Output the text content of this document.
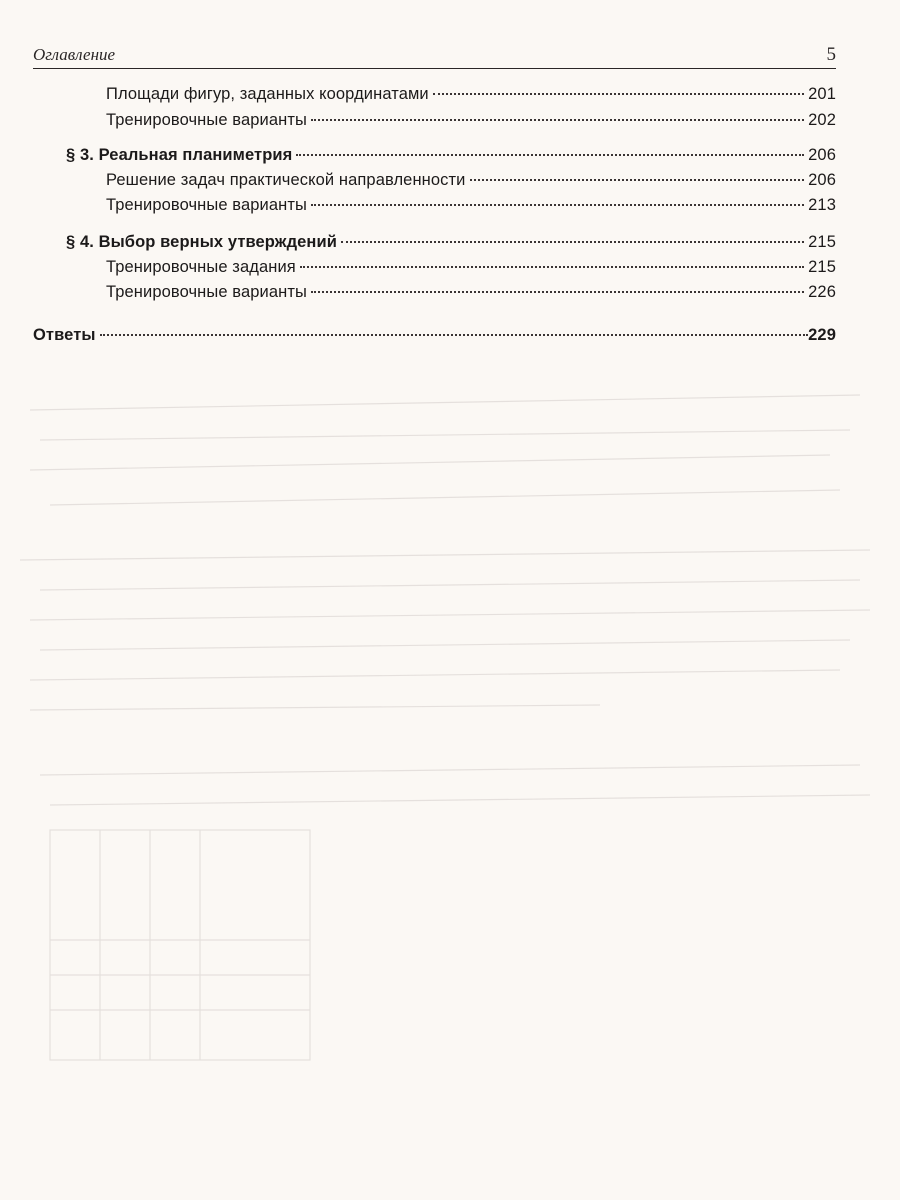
Оглавление	5
Площади фигур, заданных координатами	201
Тренировочные варианты	202
§ 3. Реальная планиметрия	206
Решение задач практической направленности	206
Тренировочные варианты	213
§ 4. Выбор верных утверждений	215
Тренировочные задания	215
Тренировочные варианты	226
Ответы	229
